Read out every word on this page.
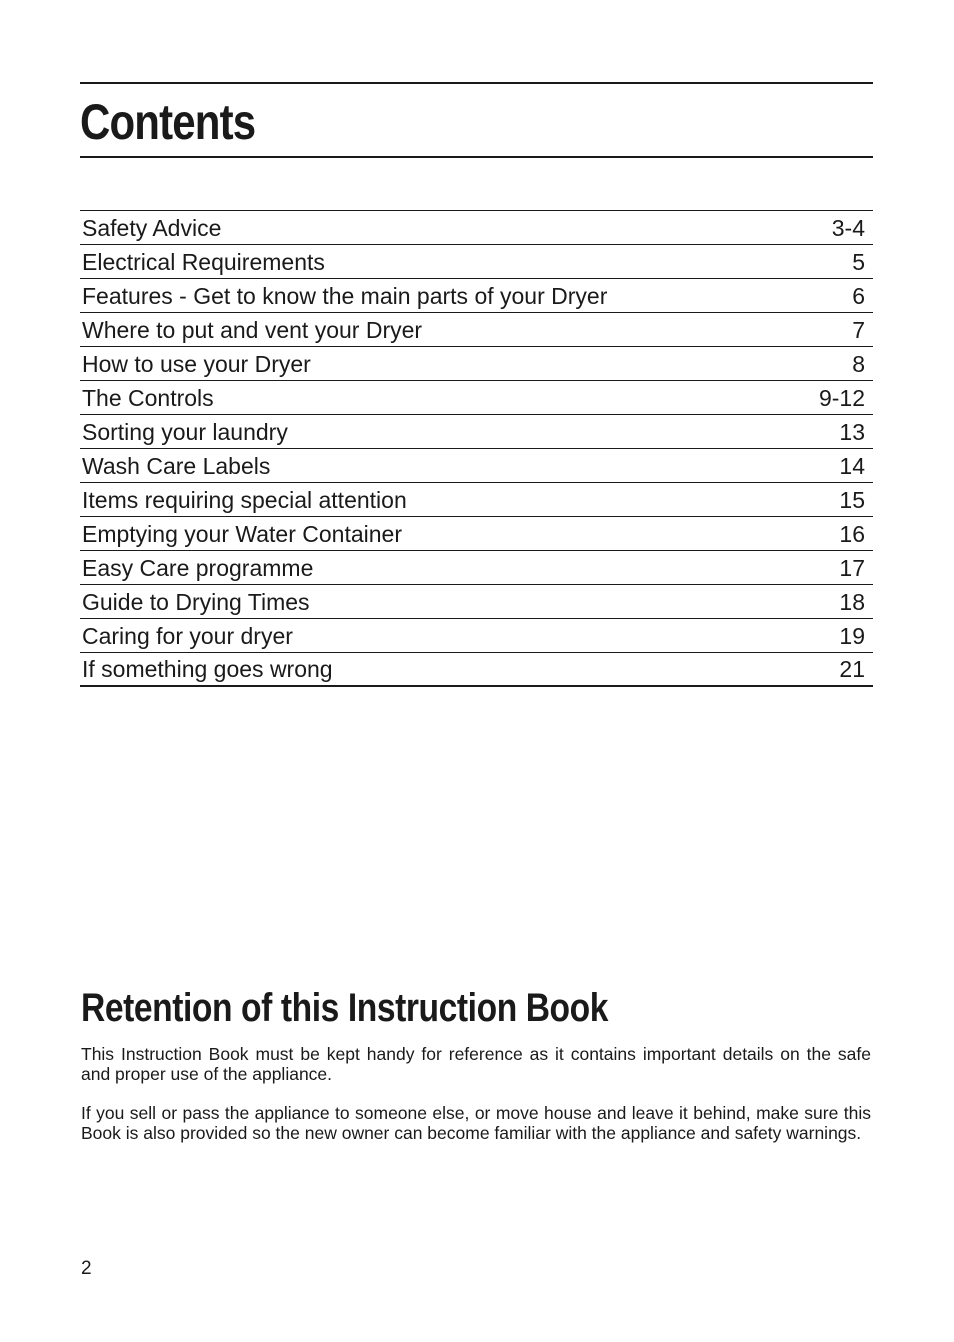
Contents
Safety Advice	3-4
Electrical Requirements	5
Features - Get to know the main parts of your Dryer	6
Where to put and vent your Dryer	7
How to use your Dryer	8
The Controls	9-12
Sorting your laundry	13
Wash Care Labels	14
Items requiring special attention	15
Emptying your Water Container	16
Easy Care programme	17
Guide to Drying Times	18
Caring for your dryer	19
If something goes wrong	21
Retention of this Instruction Book

This Instruction Book must be kept handy for reference as it contains important details on the safe and proper use of the appliance.

If you sell or pass the appliance to someone else, or move house and leave it behind, make sure this Book is also provided so the new owner can become familiar with the appliance and safety warnings.

2
